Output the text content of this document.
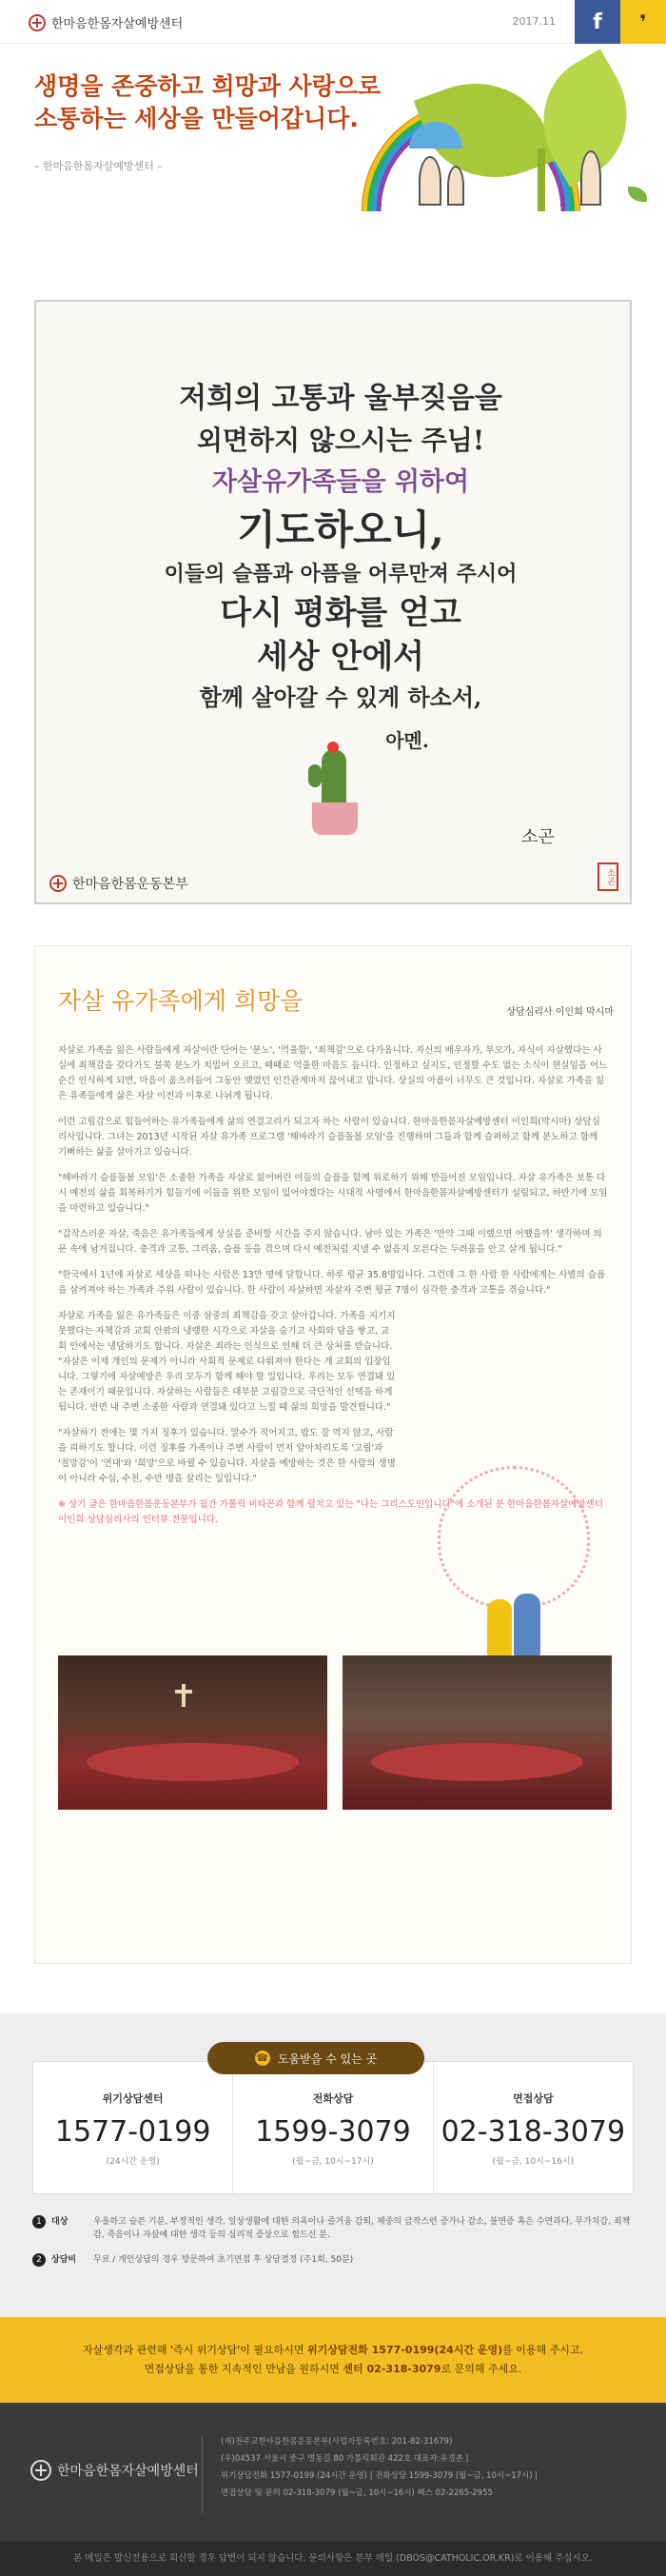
한마음한몸자살예방센터	2017.11 f ❜
생명을 존중하고 희망과 사랑으로
소통하는 세상을 만들어갑니다.
– 한마음한몸자살예방센터 –
저희의 고통과 울부짖음을
외면하지 않으시는 주님!
자살유가족들을 위하여
기도하오니,
이들의 슬픔과 아픔을 어루만져 주시어
다시 평화를 얻고
세상 안에서
함께 살아갈 수 있게 하소서,
아멘.
소곤
소곤
한마음한몸운동본부
자살 유가족에게 희망을	상담심리사 이인희 막시마

자살로 가족을 잃은 사람들에게 자살이란 단어는 '분노', '억울함', '죄책감'으로 다가옵니다. 자신의 배우자가, 부모가, 자식이 자살했다는 사실에 죄책감을 갖다가도 불쑥 분노가 치밀어 오르고, 때때로 억울한 마음도 듭니다. 인정하고 싶지도, 인정할 수도 없는 소식이 현실임을 어느 순간 인식하게 되면, 마음이 움츠러들어 그동안 맺었던 인간관계마저 끊어내고 맙니다. 상실의 아픔이 너무도 큰 것입니다. 자살로 가족을 잃은 유족들에게 삶은 자살 이전과 이후로 나뉘게 됩니다.

이런 고립감으로 힘들어하는 유가족들에게 삶의 연결고리가 되고자 하는 사람이 있습니다. 한마음한몸자살예방센터 이인희(막시마) 상담심리사입니다. 그녀는 2013년 시작된 자살 유가족 프로그램 '해바라기 슬픔돌봄 모임'을 진행하며 그들과 함께 슬퍼하고 함께 분노하고 함께 기뻐하는 삶을 살아가고 있습니다.

"해바라기 슬픔돌봄 모임'은 소중한 가족을 자살로 잃어버린 이들의 슬픔을 함께 위로하기 위해 만들어진 모임입니다. 자살 유가족은 보통 다시 예전의 삶을 회복하기가 힘들기에 이들을 위한 모임이 있어야겠다는 시대적 사명에서 한마음한몸자살예방센터가 설립되고, 하반기에 모임을 마련하고 있습니다."

"갑작스러운 자살, 죽음은 유가족들에게 상실을 준비할 시간을 주지 않습니다. 남아 있는 가족은 '만약 그때 이랬으면 어땠을까' 생각하며 의문 속에 남겨집니다. 충격과 고통, 그리움, 슬픔 등을 겪으며 다시 예전처럼 지낼 수 없음지 모른다는 두려움을 안고 살게 됩니다."

"한국에서 1년에 자살로 세상을 떠나는 사람은 13만 명에 달합니다. 하루 평균 35.8명입니다. 그런데 그 한 사람 한 사람에게는 사별의 슬픔을 삼켜져야 하는 가족과 주위 사람이 있습니다. 한 사람이 자살하면 자살자 주변 평균 7명이 심각한 충격과 고통을 겪습니다."

자살로 가족을 잃은 유가족들은 이중 삼중의 죄책감을 갖고 살아갑니다. 가족을 지키지 못했다는 자책감과 교회 안팎의 냉랭한 시각으로 자살을 숨기고 사회와 담을 쌓고, 교회 안에서는 냉담하기도 합니다. 자살은 죄라는 인식으로 인해 더 큰 상처를 받습니다. "자살은 이제 개인의 문제가 아니라 사회적 문제로 다뤄져야 한다는 게 교회의 입장입니다. 그렇기에 자살예방은 우리 모두가 함께 해야 할 일입니다. 우리는 모두 연결돼 있는 존재이기 때문입니다. 자살하는 사람들은 대부분 고립감으로 극단적인 선택을 하게 됩니다. 반면 내 주변 소중한 사람과 연결돼 있다고 느낄 때 삶의 희망을 발견합니다."

"자살하기 전에는 몇 가지 징후가 있습니다. 말수가 적어지고, 밥도 잘 먹지 않고, 사람을 피하기도 합니다. 이런 징후를 가족이나 주변 사람이 먼저 알아차리도록 '고립'과 '절망감'이 '연대'와 '희망'으로 바뀔 수 있습니다. 자살을 예방하는 것은 한 사람의 생명이 아니라 수십, 수천, 수만 명을 살리는 일입니다."

※ 상기 글은 한마음한몸운동본부가 월간 가톨릭 비타꼰과 함께 펼치고 있는 "나는 그리스도인입니다"에 소개된 분 한마음한몸자살예방센터 이인희 상담심리사의 인터뷰 전문입니다.
위기상담센터
1577-0199
(24시간 운영)
전화상담
1599-3079
(월~금, 10시~17시)
면접상담
02-318-3079
(월~금, 10시~16시)
☎ 도움받을 수 있는 곳
1	대상	우울하고 슬픈 기분, 부정적인 생각, 일상생활에 대한 의욕이나 즐거움 감퇴, 체중의 급작스런 증가나 감소, 불면증 혹은 수면과다, 무가치감, 죄책감, 죽음이나 자살에 대한 생각 등의 심리적 증상으로 힘드신 분.
2	상담비	무료 / 개인상담의 경우 방문하여 초기면접 후 상담결정 (주1회, 50분)
자살생각과 관련해 '즉시 위기상담'이 필요하시면 위기상담전화 1577-0199(24시간 운영)를 이용해 주시고,
면접상담을 통한 지속적인 만남을 원하시면 센터 02-318-3079로 문의해 주세요.
한마음한몸자살예방센터
(재)천주교한마음한몸운동본부(사업자등록번호: 201-82-31679)
(우)04537 서울시 중구 명동길 80 가톨릭회관 422호 대표자:유경촌 |
위기상담전화 1577-0199 (24시간 운영) | 전화상담 1599-3079 (월~금, 10시~17시) |
면접상담 및 문의 02-318-3079 (월~금, 10시~16시) 팩스 02-2265-2955
본 메일은 발신전용으로 회신할 경우 답변이 되지 않습니다. 문의사항은 본부 메일 (DBOS@CATHOLIC.OR.KR)로 이용해 주십시오.
